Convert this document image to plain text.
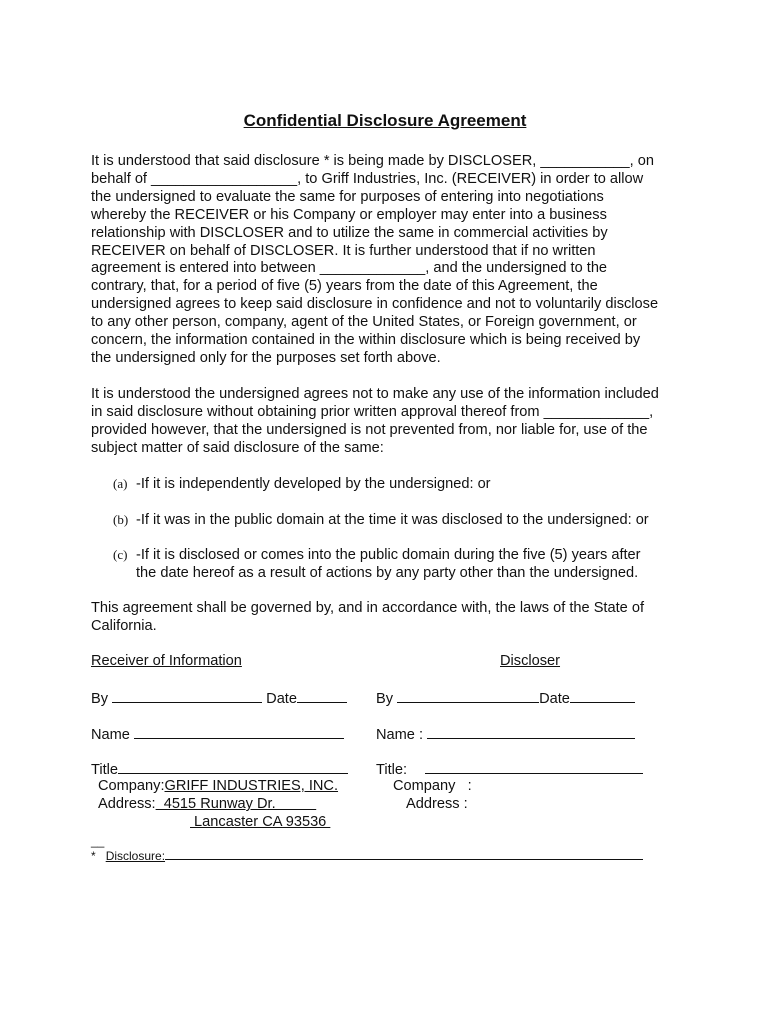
Confidential Disclosure Agreement
It is understood that said disclosure * is being made by DISCLOSER, ___________, on
behalf of __________________, to Griff Industries, Inc. (RECEIVER) in order to allow
the undersigned to evaluate the same for purposes of entering into negotiations
whereby the RECEIVER or his Company or employer may enter into a business
relationship with DISCLOSER and to utilize the same in commercial activities by
RECEIVER on behalf of DISCLOSER. It is further understood that if no written
agreement is entered into between _____________, and the undersigned to the
contrary, that, for a period of five (5) years from the date of this Agreement, the
undersigned agrees to keep said disclosure in confidence and not to voluntarily disclose
to any other person, company, agent of the United States, or Foreign government, or
concern, the information contained in the within disclosure which is being received by
the undersigned only for the purposes set forth above.
It is understood the undersigned agrees not to make any use of the information included
in said disclosure without obtaining prior written approval thereof from _____________,
provided however, that the undersigned is not prevented from, nor liable for, use of the
subject matter of said disclosure of the same:
(a) -If it is independently developed by the undersigned: or
(b) -If it was in the public domain at the time it was disclosed to the undersigned: or
(c) -If it is disclosed or comes into the public domain during the five (5) years after
the date hereof as a result of actions by any party other than the undersigned.
This agreement shall be governed by, and in accordance with, the laws of the State of
California.
Receiver of Information
By	Date
Name
Title
Company:GRIFF INDUSTRIES, INC.
Address:  4515 Runway Dr.
Lancaster CA 93536
Discloser
By	Date
Name :
Title:
Company   :
Address :
__
* Disclosure:
